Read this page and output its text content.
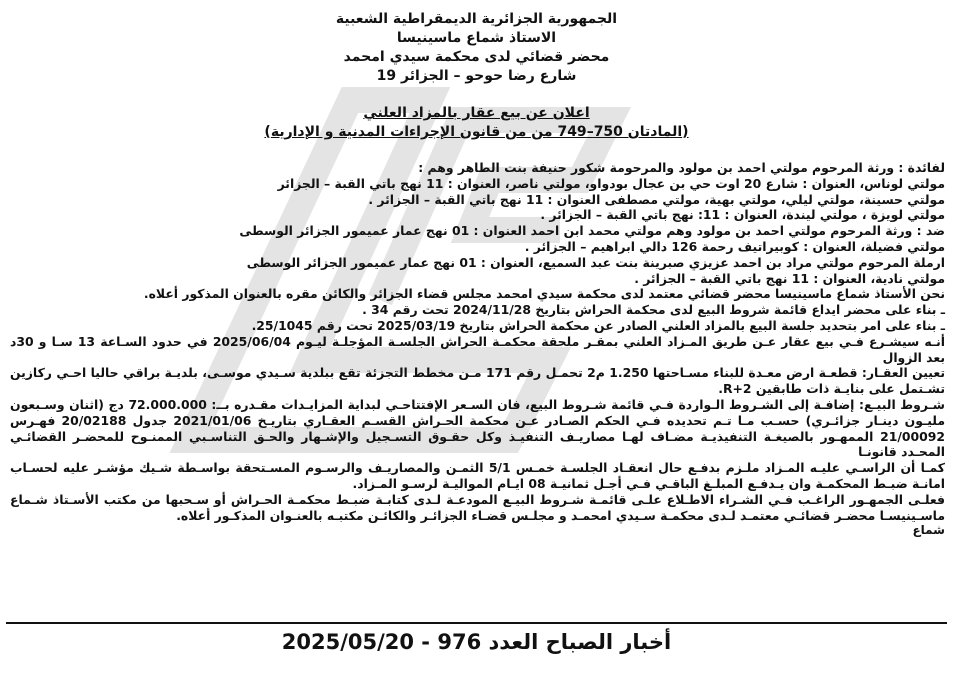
الجمهورية الجزائرية الديمقراطية الشعبية
الاستاذ شماع ماسينيسا
محضر قضائي لدى محكمة سيدي امحمد
19 شارع رضا حوحو – الجزائر
اعلان عن بيع عقار بالمزاد العلني
(المادتان 750–749 من من قانون الإجراءات المدنية و الإدارية)

لفائدة : ورثة المرحوم مولتي احمد بن مولود والمرحومة شكور حنيفة بنت الطاهر وهم :

مولتي لوناس، العنوان : شارع 20 اوت حي بن عجال بودواو، مولتي ناصر، العنوان : 11 نهج باتي القبة – الجزائر

مولتي حسينة، مولتي ليلي، مولتي بهية، مولتي مصطفى العنوان : 11 نهج باتي القبة – الجزائر .

مولتي لويزة ، مولتي ليندة، العنوان : 11: نهج باتي القبة – الجزائر .

ضد : ورثة المرحوم مولتي احمد بن مولود وهم مولتي محمد ابن احمد العنوان : 01 نهج عمار عميمور الجزائر الوسطى

مولتي فضيلة، العنوان : كوبيراتيف رحمة 126 دالي ابراهيم – الجزائر .

ارملة المرحوم مولتي مراد بن احمد عزيزي صبرينة بنت عبد السميع، العنوان : 01 نهج عمار عميمور الجزائر الوسطى

مولتي نادية، العنوان : 11 نهج باتي القبة – الجزائر .

نحن الأستاذ شماع ماسينيسا محضر قضائي معتمد لدى محكمة سيدي امحمد مجلس قضاء الجزائر والكائن مقره بالعنوان المذكور أعلاه.

ـ بناء على محضر ايداع قائمة شروط البيع لدى محكمة الحراش بتاريخ 2024/11/28 تحت رقم 34 .

ـ بناء على امر بتحديد جلسة البيع بالمزاد العلني الصادر عن محكمة الحراش بتاريخ 2025/03/19 تحت رقم 25/1045.

أنـه سيشـرع فـي بيع عقار عـن طريق المـزاد العلني بمقـر ملحقة محكمـة الحراش الجلسـة المؤجلـة ليـوم 2025/06/04 في حدود السـاعة 13 سـا و 30د بعد الزوال

تعيين العقـار: قطعـة ارض معـدة للبناء مسـاحتها 1.250 م2 تحمـل رقم 171 مـن مخطط التجزئة تقع ببلدية سـيدي موسـى، بلديـة براقي حاليا احـي ركازين تشـتمل على بنايـة ذات طابقين R+2.

شـروط البيـع: إضافـة إلى الشـروط الـواردة فـي قائمة شـروط البيع، فان السـعر الإفتتاحـي لبداية المزايـدات مقـدره بــ: 72.000.000 دج (اثنان وسـبعون مليـون دينـار جزائـري) حسـب مـا تـم تحديده فـي الحكم الصـادر عـن محكمة الحـراش القسـم العقـاري بتاريـخ 2021/01/06 جدول 20/02188 فهـرس 21/00092 الممهـور بالصيغـة التنفيذيـة مضـاف لهـا مصاريـف التنفيـذ وكل حقـوق التسـجيل والإشـهار والحـق التناسـبي الممنـوح للمحضـر القضائـي المحـدد قانونـا

كمـا أن الراسـي عليـه المـزاد ملـزم بدفـع حال انعقـاد الجلسـة خمـس 5/1 الثمـن والمصاريـف والرسـوم المسـتحقة بواسـطة شـيك مؤشـر عليه لحسـاب امانـة ضبـط المحكمـة وان يـدفـع المبلـغ الباقـي فـي أجـل ثمانيـة 08 ايـام المواليـة لرسـو المـزاد.

فعلـى الجمهـور الراغـب فـي الشـراء الاطـلاع علـى قائمـة شـروط البيـع المودعـة لـدى كتابـة ضبـط محكمـة الحـراش أو سـحبها من مكتب الأسـتاذ شـماع ماسـينيسـا محضـر قضائـي معتمـد لـدى محكمـة سـيدي امحمـد و مجلـس قضـاء الجزائـر والكائـن مكتبـه بالعنـوان المذكـور أعلاه.

شماع

أخبار الصباح العدد 976 - 2025/05/20
